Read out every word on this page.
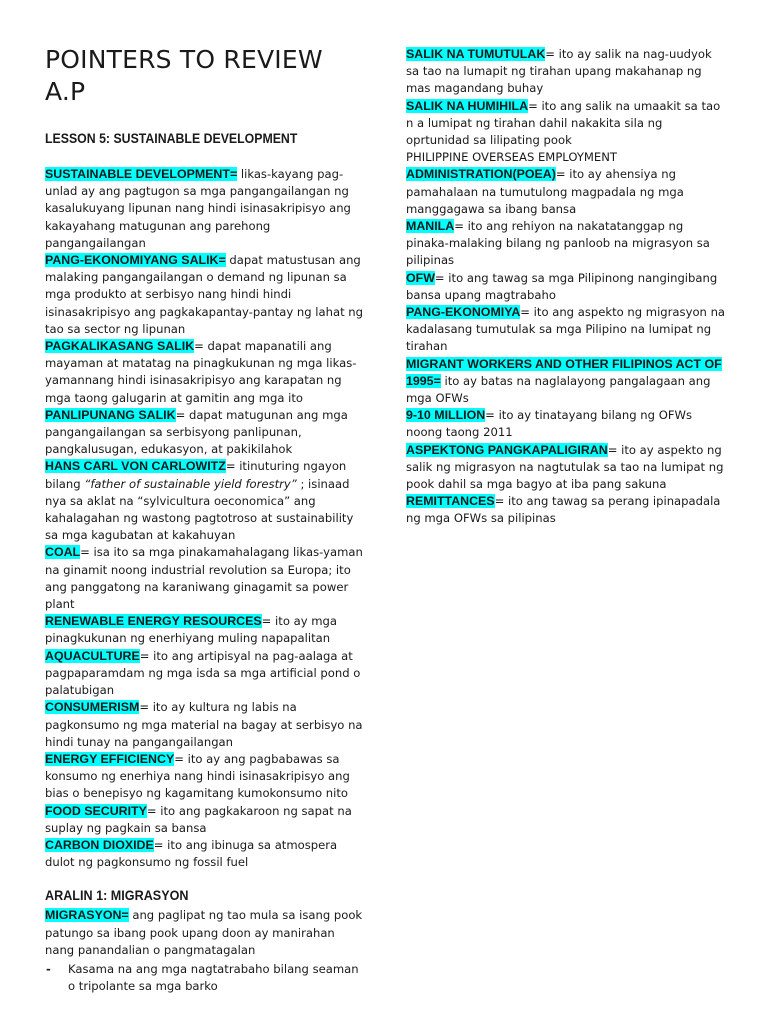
POINTERS TO REVIEW
A.P
LESSON 5: SUSTAINABLE DEVELOPMENT

SUSTAINABLE DEVELOPMENT= likas-kayang pag-unlad ay ang pagtugon sa mga pangangailangan ng kasalukuyang lipunan nang hindi isinasakripisyo ang kakayahang matugunan ang parehong pangangailangan

PANG-EKONOMIYANG SALIK= dapat matustusan ang malaking pangangailangan o demand ng lipunan sa mga produkto at serbisyo nang hindi hindi isinasakripisyo ang pagkakapantay-pantay ng lahat ng tao sa sector ng lipunan

PAGKALIKASANG SALIK= dapat mapanatili ang mayaman at matatag na pinagkukunan ng mga likas-yamannang hindi isinasakripisyo ang karapatan ng mga taong galugarin at gamitin ang mga ito

PANLIPUNANG SALIK= dapat matugunan ang mga pangangailangan sa serbisyong panlipunan, pangkalusugan, edukasyon, at pakikilahok

HANS CARL VON CARLOWITZ= itinuturing ngayon bilang “father of sustainable yield forestry” ; isinaad nya sa aklat na “sylvicultura oeconomica” ang kahalagahan ng wastong pagtotroso at sustainability sa mga kagubatan at kakahuyan

COAL= isa ito sa mga pinakamahalagang likas-yaman na ginamit noong industrial revolution sa Europa; ito ang panggatong na karaniwang ginagamit sa power plant

RENEWABLE ENERGY RESOURCES= ito ay mga pinagkukunan ng enerhiyang muling napapalitan

AQUACULTURE= ito ang artipisyal na pag-aalaga at pagpaparamdam ng mga isda sa mga artificial pond o palatubigan

CONSUMERISM= ito ay kultura ng labis na pagkonsumo ng mga material na bagay at serbisyo na hindi tunay na pangangailangan

ENERGY EFFICIENCY= ito ay ang pagbabawas sa konsumo ng enerhiya nang hindi isinasakripisyo ang bias o benepisyo ng kagamitang kumokonsumo nito

FOOD SECURITY= ito ang pagkakaroon ng sapat na suplay ng pagkain sa bansa

CARBON DIOXIDE= ito ang ibinuga sa atmospera dulot ng pagkonsumo ng fossil fuel

ARALIN 1: MIGRASYON

MIGRASYON= ang paglipat ng tao mula sa isang pook patungo sa ibang pook upang doon ay manirahan nang panandalian o pangmatagalan

-	Kasama na ang mga nagtatrabaho bilang seaman o tripolante sa mga barko

SALIK NA TUMUTULAK= ito ay salik na nag-uudyok sa tao na lumapit ng tirahan upang makahanap ng mas magandang buhay

SALIK NA HUMIHILA= ito ang salik na umaakit sa tao n a lumipat ng tirahan dahil nakakita sila ng oprtunidad sa lilipating pook

PHILIPPINE OVERSEAS EMPLOYMENT

ADMINISTRATION(POEA)= ito ay ahensiya ng pamahalaan na tumutulong magpadala ng mga manggagawa sa ibang bansa

MANILA= ito ang rehiyon na nakatatanggap ng pinaka-malaking bilang ng panloob na migrasyon sa pilipinas

OFW= ito ang tawag sa mga Pilipinong nangingibang bansa upang magtrabaho

PANG-EKONOMIYA= ito ang aspekto ng migrasyon na kadalasang tumutulak sa mga Pilipino na lumipat ng tirahan

MIGRANT WORKERS AND OTHER FILIPINOS ACT OF 1995= ito ay batas na naglalayong pangalagaan ang mga OFWs

9-10 MILLION= ito ay tinatayang bilang ng OFWs noong taong 2011

ASPEKTONG PANGKAPALIGIRAN= ito ay aspekto ng salik ng migrasyon na nagtutulak sa tao na lumipat ng pook dahil sa mga bagyo at iba pang sakuna

REMITTANCES= ito ang tawag sa perang ipinapadala ng mga OFWs sa pilipinas
